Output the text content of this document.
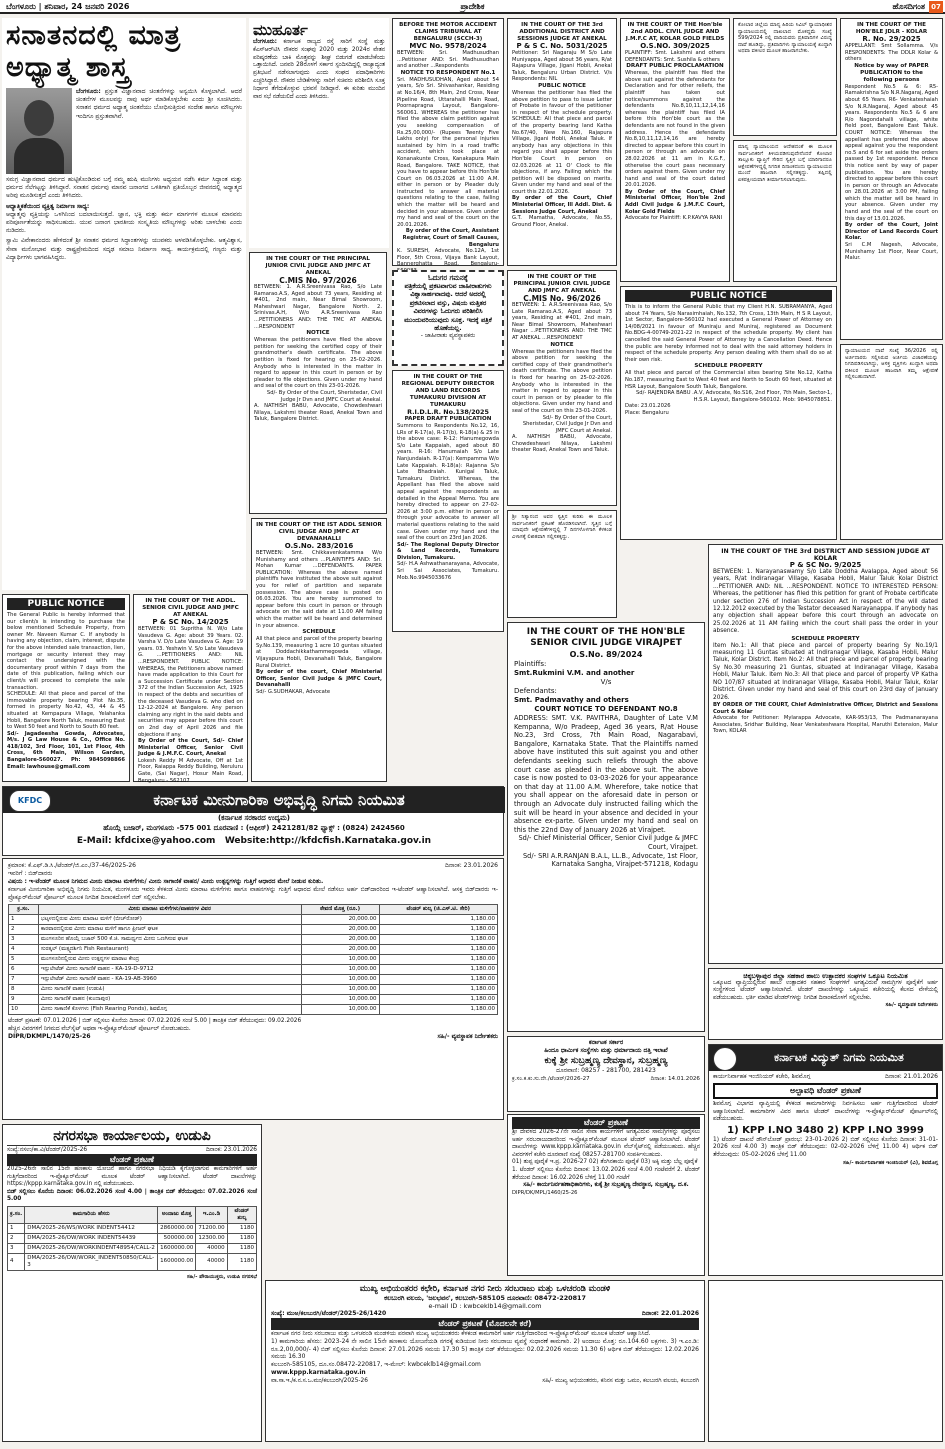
ಬೆಂಗಳೂರು | ಶನಿವಾರ, 24 ಜನವರಿ 2026	ಪ್ರಾದೇಶಿಕ	ಹೊಸದಿಗಂತ 07
ಸನಾತನದಲ್ಲಿ ಮಾತ್ರ
ಅಧ್ಯಾತ್ಮ ಶಾಸ್ತ್ರ
ಬೆಂಗಳೂರು: ಪ್ರಸ್ತುತ ವಿಜ್ಞಾನವಾದ ಚಿಂತನೆಗಳನ್ನು ಅನ್ವಯಿಸಿ ಕೊಳ್ಳಲಾಗಿದೆ. ಆದರೆ ಚಿಂತನೆಗಳ ಮೂಲವನ್ನು ನಾವು ಅರ್ಥ ಮಾಡಿಕೊಳ್ಳಬೇಕು ಎಂದು ಶ್ರೀ ಸೂಚಿಸಿದರು. ಸನಾತನ ಧರ್ಮದ ಅಧ್ಯಾತ್ಮ ಚಿಂತನೆಯು ಬೋಧಿಸುತ್ತಿರುವ ಸಂದೇಶ ಹಾಗೂ ಮೌಲ್ಯಗಳು ಇಂದಿಗೂ ಪ್ರಸ್ತುತವಾಗಿವೆ.
ಸಮಗ್ರ ವಿಜ್ಞಾನವಾದ ಧರ್ಮದ ಹುಟ್ಟಿಕೊಂಡಿರುವ ಬಗ್ಗೆ ನಮ್ಮ ಋಷಿ ಮುನಿಗಳು ಅಧ್ಯಯನ ನಡೆಸಿ ಕರ್ಮ ಸಿದ್ಧಾಂತ ಮತ್ತು ಧರ್ಮದ ನೆಲೆಗಟ್ಟನ್ನು ತಿಳಿಸಿದ್ದಾರೆ. ಸನಾತನ ಧರ್ಮವು ಮಾನವ ಜನಾಂಗದ ಒಳಿತಿಗಾಗಿ ಪ್ರತಿಯೊಬ್ಬರ ಜೀವನದಲ್ಲಿ ಅಧ್ಯಾತ್ಮದ ಅರಿವು ಮೂಡಿಸುತ್ತದೆ ಎಂದು ತಿಳಿಸಿದರು.
ಆಧ್ಯಾತ್ಮಿಕತೆಯಿಂದ ವ್ಯಕ್ತಿತ್ವ ನಿರ್ಮಾಣ ಸಾಧ್ಯ:
ಆಧ್ಯಾತ್ಮವು ವ್ಯಕ್ತಿಯನ್ನು ಒಳಗಿನಿಂದ ಬದಲಾಯಿಸುತ್ತದೆ. ಜ್ಞಾನ, ಭಕ್ತಿ ಮತ್ತು ಕರ್ಮ ಮಾರ್ಗಗಳ ಮೂಲಕ ಮಾನವನು ಪರಿಪೂರ್ಣತೆಯನ್ನು ಸಾಧಿಸಬಹುದು. ಯುವ ಜನಾಂಗ ಭಾರತೀಯ ಸಂಸ್ಕೃತಿಯ ಮೌಲ್ಯಗಳನ್ನು ಅರಿತು ಬಾಳಬೇಕು ಎಂದು ನುಡಿದರು.
ಸ್ವಾಮಿ ವಿವೇಕಾನಂದರು ಹೇಳಿದಂತೆ ಶ್ರೀ ಸನಾತನ ಧರ್ಮದ ಸಿದ್ಧಾಂತಗಳನ್ನು ಯುವಕರು ಅಳವಡಿಸಿಕೊಳ್ಳಬೇಕು. ಆತ್ಮವಿಶ್ವಾಸ, ಸೇವಾ ಮನೋಭಾವ ಮತ್ತು ರಾಷ್ಟ್ರಪ್ರೇಮದಿಂದ ಸದೃಢ ಸಮಾಜ ನಿರ್ಮಾಣ ಸಾಧ್ಯ. ಕಾರ್ಯಕ್ರಮದಲ್ಲಿ ಗಣ್ಯರು ಮತ್ತು ವಿದ್ಯಾರ್ಥಿಗಳು ಭಾಗವಹಿಸಿದ್ದರು.
ಮುಹೂರ್ತ
ಬೆಂಗಳೂರು: ಕರ್ನಾಟಕ ರಾಜ್ಯದ ರಸ್ತೆ ಸಾರಿಗೆ ಸಂಸ್ಥೆ ಮತ್ತು ಕೆಎಸ್‌ಆರ್‌ಟಿಸಿ ನೌಕರರ ಸಂಘವು 2020 ಮತ್ತು 2024ರ ವೇತನ ಪರಿಷ್ಕರಣೆಯ ಬಾಕಿ ಮೊತ್ತವನ್ನು ಶೀಘ್ರ ಬಿಡುಗಡೆ ಮಾಡಬೇಕೆಂದು ಒತ್ತಾಯಿಸಿದೆ. ಜನವರಿ 28ರೊಳಗೆ ಸರ್ಕಾರ ಸ್ಪಂದಿಸದಿದ್ದಲ್ಲಿ ರಾಜ್ಯಾದ್ಯಂತ ಪ್ರತಿಭಟನೆ ನಡೆಸಲಾಗುವುದು ಎಂದು ಸಂಘದ ಪದಾಧಿಕಾರಿಗಳು ಎಚ್ಚರಿಸಿದ್ದಾರೆ. ನೌಕರರ ಬೇಡಿಕೆಗಳನ್ನು ಸಾರಿಗೆ ಸಚಿವರು ಪರಿಶೀಲಿಸಿ ಸೂಕ್ತ ನಿರ್ಧಾರ ತೆಗೆದುಕೊಳ್ಳುವ ಭರವಸೆ ನೀಡಿದ್ದಾರೆ. ಈ ಕುರಿತು ಮುಂದಿನ ವಾರ ಸಭೆ ನಡೆಯಲಿದೆ ಎಂದು ತಿಳಿಸಿದರು.
BEFORE THE MOTOR ACCIDENT CLAIMS TRIBUNAL AT BENGALURU (SCCH-3)
MVC No. 9578/2024
BETWEEN: Sri. Madhusudhan ...Petitioner AND: Sri. Madhusudhan and another ...Respondents
NOTICE TO RESPONDENT No.1
Sri. MADHUSUDHAN, Aged about 54 years, S/o Sri. Shivashankar, Residing at No.16/4, 8th Main, 2nd Cross, Near Pipeline Road, Uttarahalli Main Road, Poornapragna Layout, Bangalore-560061. WHEREAS the petitioner has filed the above claim petition against you seeking compensation of Rs.25,00,000/- (Rupees Twenty Five Lakhs only) for the personal injuries sustained by him in a road traffic accident, which took place at Konanakunte Cross, Kanakapura Main Road, Bangalore. TAKE NOTICE, that you have to appear before this Hon'ble Court on 06.03.2026 at 11:00 A.M. either in person or by Pleader duly instructed to answer all material questions relating to the case, failing which the matter will be heard and decided in your absence. Given under my hand and seal of the court on the 20.01.2026.
By order of the Court, Assistant Registrar, Court of Small Causes, Bengaluru
K. SURESH, Advocate, No.12A, 1st Floor, 5th Cross, Vijaya Bank Layout, Bannerghatta Road, Bengaluru-
IN THE COURT OF THE 3rd ADDITIONAL DISTRICT AND SESSIONS JUDGE AT ANEKAL
P & S C. No. 5031/2025
Petitioner: Sri Nagaraju M S/o Late Muniyappa, Aged about 36 years, R/at Rajapura Village, Jigani Hobli, Anekal Taluk, Bengaluru Urban District. V/s Respondents: NIL
PUBLIC NOTICE
Whereas the petitioner has filed the above petition to pass to issue Letter of Probate in favour of the petitioner in respect of the schedule property. SCHEDULE: All that piece and parcel of the property bearing land Katha No.67/40, New No.160, Rajapura Village, Jigani Hobli, Anekal Taluk. If anybody has any objections in this regard you shall appear before this Hon'ble Court in person on 02.03.2026 at 11 O' Clock to file objections, if any. Failing which the petition will be disposed on merits. Given under my hand and seal of the court this 22.01.2026.
By order of the Court, Chief Ministerial Officer, Ill Addl. Dist. & Sessions Judge Court, Anekal
G.T. Mamatha, Advocate, No.55, Ground Floor, Anekal.
IN THE COURT OF THE Hon'ble 2nd ADDL. CIVIL JUDGE AND J.M.F.C AT, KOLAR GOLD FIELDS
O.S.NO. 309/2025
PLAINTIFF: Smt. Lakshmi and others DEFENDANTS: Smt. Sushila & others
DRAFT PUBLIC PROCLAMATION
Whereas, the plaintiff has filed the above suit against the defendants for Declaration and for other reliefs, the plaintiff has taken out notice/summons against the defendants No.8,10,11,12,14,16 whereas the plaintiff has filed IA before this Hon'ble court as the defendants are not found in the given address. Hence the defendants No.8,10,11,12,14,16 are hereby directed to appear before this court in person or through an advocate on 28.02.2026 at 11 am in K.G.F., otherwise the court pass necessary orders against them. Given under my hand and seal of the court dated 20.01.2026.
By Order of the Court, Chief Ministerial Officer, Hon'ble 2nd Addl Civil Judge & J.M.F.C Court, Kolar Gold Fields
Advocate for Plaintiff: K.P.KAVYA RANI
ಕೋಲಾರ ಜಿಲ್ಲೆಯ ಮಾನ್ಯ ಹಿರಿಯ ಸಿವಿಲ್ ನ್ಯಾಯಾಧೀಶರ ನ್ಯಾಯಾಲಯದಲ್ಲಿ ದಾಖಲಾದ ಮೊಕದ್ದಮೆ ಸಂಖ್ಯೆ 599/2024 ರಲ್ಲಿ ವಾದಿಯವರು ಪ್ರತಿವಾದಿಗಳ ವಿರುದ್ಧ ದಾವೆ ಹೂಡಿದ್ದು, ಪ್ರತಿವಾದಿಗಳು ನ್ಯಾಯಾಲಯಕ್ಕೆ ಖುದ್ದಾಗಿ ಅಥವಾ ವಕೀಲರ ಮೂಲಕ ಹಾಜರಾಗಬೇಕು.
IN THE COURT OF THE HON'BLE JDLR - KOLAR
R. No. 29/2025
APPELLANT: Smt Sollamma. V/s RESPONDENTS: The DDLR Kolar & others
Notice by way of PAPER PUBLICATION to the following persons
Respondent No.5 & 6: R5- Ramakrishna S/o N.R.Nagaraj, Aged about 65 Years. R6- Venkateshaiah S/o N.R.Nagaraj, Aged about 45 years. Respondents No.5 & 6 are R/o Nagondahalli village, white field post, Bangalore East Taluk. COURT NOTICE: Whereas the appellant has preferred the above appeal against you the respondent no.5 and 6 for set aside the orders passed by 1st respondent. Hence this notice sent by way of paper publication. You are hereby directed to appear before this court in person or through an Advocate on 28.01.2026 at 3.00 PM, failing which the matter will be heard in your absence. Given under my hand and the seal of the court on this day of 13.01.2026.
By order of the Court, Joint Director of Land Records Court Kolar.
Sri C.M Nagesh, Advocate, Munishamy 1st Floor, Near Court, Malur.
ಮಾನ್ಯ ನ್ಯಾಯಾಲಯದ ಆದೇಶದಂತೆ ಈ ಮೂಲಕ ಸಾರ್ವಜನಿಕರಿಗೆ ತಿಳಿಯಪಡಿಸುವುದೇನೆಂದರೆ ಕೋಲಾರ ತಾಲ್ಲೂಕು ವ್ಯಾಪ್ತಿಗೆ ಸೇರಿದ ಸ್ವತ್ತಿನ ಬಗ್ಗೆ ಯಾರಿಗಾದರೂ ಆಕ್ಷೇಪಣೆಗಳಿದ್ದಲ್ಲಿ ನಿಗದಿತ ದಿನಾಂಕದಂದು ನ್ಯಾಯಾಲಯದ ಮುಂದೆ ಹಾಜರಾಗಿ ಸಲ್ಲಿಸತಕ್ಕದ್ದು. ತಪ್ಪಿದಲ್ಲಿ ಏಕಪಕ್ಷೀಯವಾಗಿ ತೀರ್ಮಾನಿಸಲಾಗುವುದು.
IN THE COURT OF THE PRINCIPAL JUNIOR CIVIL JUDGE AND JMFC AT ANEKAL
C.MIS No. 97/2026
BETWEEN: 1. A.R.Sreenivasa Rao, S/o Late Ramarao.A.S, Aged about 73 years, Residing at #401, 2nd main, Near Bimal Showroom, Maheshwari Nagar, Bangalore North. 2. Srinivas.A.H, W/o A.R.Sreenivasa Rao ...PETITIONERS AND: THE TMC AT ANEKAL ...RESPONDENT
NOTICE
Whereas the petitioners have filed the above petition for seeking the certified copy of their grandmother's death certificate. The above petition is fixed for hearing on 25-02-2026. Anybody who is interested in the matter in regard to appear in this court in person or by pleader to file objections. Given under my hand and seal of the court on this 23-01-2026.
Sd/- By Order of the Court, Sheristedar, Civil Judge Jr Dvn and JMFC Court at Anekal.
A. NATHISH BABU, Advocate, Chowdeshwari Nilaya, Lakshmi theater Road, Anekal Town and Taluk, Bangalore District.
ಓದುಗರ ಗಮನಕ್ಕೆ
ಪತ್ರಿಕೆಯಲ್ಲಿ ಪ್ರಕಟವಾಗುವ ಜಾಹೀರಾತುಗಳು ವಿಶ್ವಾಸಾರ್ಹವಾದವು. ಆದರೆ ಅದರಲ್ಲಿ ಪ್ರಕಟಿಸಲಾದ ವಸ್ತು, ವಿಷಯ ಮತ್ತಿತರ ವಿವರಗಳನ್ನು ಓದುಗರು ಪರಿಶೀಲಿಸಿ ಮುಂದುವರಿಯುವುದು ಸೂಕ್ತ. ಇದಕ್ಕೆ ಪತ್ರಿಕೆ ಹೊಣೆಯಲ್ಲ.
- ಜಾಹೀರಾತು ವ್ಯವಸ್ಥಾಪಕರು
IN THE COURT OF THE PRINCIPAL JUNIOR CIVIL JUDGE AND JMFC AT ANEKAL
C.MIS No. 96/2026
BETWEEN: 1. A.R.Sreenivasa Rao, S/o Late Ramarao.A.S, Aged about 73 years, Residing at #401, 2nd main, Near Bimal Showroom, Maheshwari Nagar ...PETITIONERS AND: THE TMC AT ANEKAL ...RESPONDENT
NOTICE
Whereas the petitioners have filed the above petition for seeking the certified copy of their grandmother's death certificate. The above petition is fixed for hearing on 25-02-2026. Anybody who is interested in the matter in regard to appear in this court in person or by pleader to file objections. Given under my hand and seal of the court on this 23-01-2026.
Sd/- By Order of the Court, Sheristedar, Civil Judge Jr Dvn and JMFC Court at Anekal.
A. NATHISH BABU, Advocate, Chowdeshwari Nilaya, Lakshmi theater Road, Anekal Town and Taluk.
PUBLIC NOTICE
This is to inform the General Public that my Client H.N. SUBRAMANYA, Aged about 74 Years, S/o Narasimhaiah, No.132, 7th Cross, 13th Main, H S R Layout, 1st Sector, Bangalore-560102 had executed a General Power of Attorney on 14/08/2021 in favour of Muniraju and Muniraj, registered as Document No.BDG-4-00749-2021-22 in respect of the schedule property. My client has cancelled the said General Power of Attorney by a Cancellation Deed. Hence the public are hereby informed not to deal with the said attorney holders in respect of the schedule property. Any person dealing with them shall do so at their own risk.
SCHEDULE PROPERTY
All that piece and parcel of the Commercial sites bearing Site No.12, Katha No.187, measuring East to West 40 feet and North to South 60 feet, situated at HSR Layout, Bangalore South Taluk, Bangalore.
Sd/- RAJENDRA BABU .A.V, Advocate, No.S16, 2nd Floor, 7th Main, Sector-1, H.S.R. Layout, Bangalore-560102. Mob: 9845078851.
Date: 23.01.2026
Place: Bengaluru
IN THE COURT OF THE REGIONAL DEPUTY DIRECTOR AND LAND RECORDS TUMAKURU DIVISION AT TUMAKURU
R.I.D.L.R. No.138/2025
PAPER DRAFT PUBLICATION
Summons to Respondents No.12, 16, LRs of R-17(a), R-17(b), R-18(a) & 25 in the above case: R-12: Hanumegowda S/o Late Kappaiah, aged about 80 years. R-16: Hanumaiah S/o Late Nanjundaiah. R-17(a): Kempamma W/o Late Kappaiah. R-18(a): Rajanna S/o Late Bhadraiah. Kunigal Taluk, Tumakuru District. Whereas, the Appellant has filed the above said appeal against the respondents as detailed in the Appeal Memo. You are hereby directed to appear on 27-02-2026 at 3:00 p.m. either in person or through your advocate to answer all material questions relating to the said case. Given under my hand and the seal of the court on 23rd Jan 2026.
Sd/- The Regional Deputy Director & Land Records, Tumakuru Division, Tumakuru.
Sd/- H.A Ashwathanarayana, Advocate, Sri Sai Associates, Tumakuru. Mob.No.9945033676
ಶ್ರೀ ನಿತ್ಯಾನಂದ ಅವರ ಸ್ವತ್ತಿನ ಕುರಿತು ಈ ಮೂಲಕ ಸಾರ್ವಜನಿಕರಿಗೆ ಪ್ರಕಟಣೆ ಹೊರಡಿಸಲಾಗಿದೆ. ಸ್ವತ್ತಿನ ಬಗ್ಗೆ ಯಾವುದೇ ಆಕ್ಷೇಪಣೆಗಳಿದ್ದಲ್ಲಿ 7 ದಿನಗಳೊಳಗಾಗಿ ಕೆಳಕಂಡ ವಿಳಾಸಕ್ಕೆ ಲಿಖಿತವಾಗಿ ಸಲ್ಲಿಸತಕ್ಕದ್ದು.
ನ್ಯಾಯಾಲಯದ ದಾವೆ ಸಂಖ್ಯೆ 36/2026 ರಲ್ಲಿ ಅರ್ಜಿದಾರರು ಸಲ್ಲಿಸಿರುವ ಅರ್ಜಿಯ ವಿಚಾರಣೆಯನ್ನು ನಿಗದಿಪಡಿಸಲಾಗಿದ್ದು, ಆಸಕ್ತ ವ್ಯಕ್ತಿಗಳು ಖುದ್ದಾಗಿ ಅಥವಾ ವಕೀಲರ ಮೂಲಕ ಹಾಜರಾಗಿ ತಮ್ಮ ಆಕ್ಷೇಪಣೆ ಸಲ್ಲಿಸಬಹುದಾಗಿದೆ.
PUBLIC NOTICE
The General Public is hereby informed that our client/s is intending to purchase the below mentioned Schedule Property, from owner Mr. Naveen Kumar C. If anybody is having any objection, claim, interest, dispute for the above intended sale transaction, lien, mortgage or security interest they may contact the undersigned with the documentary proof within 7 days from the date of this publication, failing which our client/s will proceed to complete the sale transaction.
SCHEDULE: All that piece and parcel of the immovable property bearing Plot No.35, formed in property No.42, 43, 44 & 45 situated at Kempapura Village, Yelahanka Hobli, Bangalore North Taluk, measuring East to West 50 feet and North to South 80 feet.
Sd/- Jagadeesha Gowda, Advocates, M/s. J G Law House & Co., Office No. 418/102, 3rd Floor, 101, 1st Floor, 4th Cross, 6th Main, Wilson Garden, Bangalore-560027. Ph: 9845098866 Email: lawhouse@gmail.com
IN THE COURT OF THE ADDL. SENIOR CIVIL JUDGE AND JMFC AT ANEKAL
P & SC No. 14/2025
BETWEEN: 01 Supritha N. W/o Late Vasudeva G. Age: about 39 Years. 02. Varsha V. D/o Late Vasudeva G. Age: 19 years. 03. Yeshwin V. S/o Late Vasudeva G. ...PETITIONERS AND: NIL ...RESPONDENT. PUBLIC NOTICE: WHEREAS, the Petitioners above named have made application to this Court for a Succession Certificate under Section 372 of the Indian Succession Act, 1925 in respect of the debts and securities of the deceased Vasudeva G. who died on 12-12-2024 at Bangalore. Any person claiming any right in the said debts and securities may appear before this court on 2nd day of April 2026 and file objections if any.
By Order of the Court, Sd/- Chief Ministerial Officer, Senior Civil Judge & J.M.F.C. Court, Anekal
Lokesh Reddy M Advocate, Off at 1st Floor, Raiappa Reddy Building, Neruluru Gate, (Sai Nagar), Hosur Main Road, Bengaluru - 562107
IN THE COURT OF THE IST ADDL SENIOR CIVIL JUDGE AND JMFC AT DEVANAHALLI
O.S.No. 283/2016
BETWEEN: Smt. Chikkavenkatamma W/o Munishamy and others ...PLAINTIFFS AND: Sri. Mohan Kumar ...DEFENDANTS. PAPER PUBLICATION: Whereas the above named plaintiffs have instituted the above suit against you for relief of partition and separate possession. The above case is posted on 06.03.2026. You are hereby summoned to appear before this court in person or through advocate on the said date at 11.00 AM failing which the matter will be heard and determined in your absence.
SCHEDULE
All that piece and parcel of the property bearing Sy.No.139, measuring 1 acre 10 guntas situated at Doddachikkathammegowda village, Vijayapura Hobli, Devanahalli Taluk, Bangalore Rural District.
By order of the court, Chief Ministerial Officer, Senior Civil Judge & JMFC Court, Devanahalli
Sd/- G.SUDHAKAR, Advocate
IN THE COURT OF THE HON'BLE SENIOR CIVIL JUDGE VIRAJPET
O.S.No. 89/2024
Plaintiffs:
Smt.Rukmini V.M. and another
V/s
Defendants:
Smt. Padmavathy and others
COURT NOTICE TO DEFENDANT NO.8
ADDRESS: SMT. V.K. PAVITHRA, Daughter of Late V.M Kempanna, W/o Pradeep, Aged 36 years, R/at House No.23, 3rd Cross, 7th Main Road, Nagarabavi, Bangalore, Karnataka State. That the Plaintiffs named above have instituted this suit against you and other defendants seeking such reliefs through the above court case as pleaded in the above suit. The above case is now posted to 03-03-2026 for your appearance on that day at 11.00 A.M. Wherefore, take notice that you shall appear on the aforesaid date in person or through an Advocate duly instructed failing which the suit will be heard in your absence and decided in your absence ex-parte. Given under my hand and seal on this the 22nd Day of January 2026 at Virajpet.
Sd/- Chief Ministerial Officer, Senior Civil Judge & JMFC Court, Virajpet.
Sd/- SRI A.R.RANJAN B.A.L, LL.B., Advocate, 1st Floor, Karnataka Sangha, Virajpet-571218, Kodagu
IN THE COURT OF THE 3rd DISTRICT AND SESSION JUDGE AT KOLAR
P & SC No. 9/2025
BETWEEN: 1. Narayanaswamy S/o Late Doddha Avalappa, Aged about 56 years, R/at Indiranagar Village, Kasaba Hobli, Malur Taluk Kolar District ...PETITIONER AND: NIL ...RESPONDENT. NOTICE TO INTERESTED PERSON: Whereas, the petitioner has filed this petition for grant of Probate certificate under section 276 of Indian Succession Act in respect of the will dated 12.12.2012 executed by the Testator deceased Narayanappa. If anybody has any objection shall appear before this court through an advocate on 25.02.2026 at 11 AM failing which the court shall pass the order in your absence.
SCHEDULE PROPERTY
Item No.1: All that piece and parcel of property bearing Sy No.19/1 measuring 11 Guntas situated at Indiranagar Village, Kasaba Hobli, Malur Taluk, Kolar District. Item No.2: All that piece and parcel of property bearing Sy No.30 measuring 21 Guntas, situated at Indiranagar Village, Kasaba Hobli, Malur Taluk. Item No.3: All that piece and parcel of property VP Katha NO 107/87 situated at Indiranagar Village, Kasaba Hobli, Malur Taluk, Kolar District. Given under my hand and seal of this court on 23rd day of January 2026.
BY ORDER OF THE COURT, Chief Administrative Officer, District and Sessions Court & Kolar
Advocate for Petitioner: Mylarappa Advocate, KAR-953/13, The Padmanarayana Associates, Sridhar Building, Near Venkateshwara Hospital, Maruthi Extension, Malur Town, KOLAR
KFDC	ಕರ್ನಾಟಕ ಮೀನುಗಾರಿಕಾ ಅಭಿವೃದ್ಧಿ ನಿಗಮ ನಿಯಮಿತ
(ಕರ್ನಾಟಕ ಸರಕಾರದ ಉದ್ಯಮ)
ಹೊಯ್ಗೆ ಬಜಾರ್, ಮಂಗಳೂರು -575 001 ದೂರವಾಣಿ : (ಆಫೀಸ್) 2421281/82 ಫ್ಯಾಕ್ಸ್ : (0824) 2424560
E-Mail: kfdcixe@yahoo.com Website:http://kfdcfish.Karnataka.gov.in
ಕ್ರಮಾಂಕ: ಕೆ.ಎಫ್.ಡಿ.ಸಿ./ಟೆಂಡರ್/ಜಿ.ಎಂ./37-46/2025-26	ದಿನಾಂಕ: 23.01.2026
ಇವರಿಗೆ : ಬಿಡ್‌ದಾರರು
ವಿಷಯ : ಇ-ಟೆಂಡರ್ ಮೂಲಕ ನಿಗಮದ ಮೀನು ಮಾರಾಟ ಮಳಿಗೆಗಳು/ ಮೀನು ಸಾಗಾಣಿಕೆ ವಾಹನ/ ಮೀನು ಉತ್ಪನ್ನಗಳನ್ನು ಗುತ್ತಿಗೆ ಆಧಾರದ ಮೇಲೆ ನೀಡುವ ಕುರಿತು.
ಕರ್ನಾಟಕ ಮೀನುಗಾರಿಕಾ ಅಭಿವೃದ್ಧಿ ನಿಗಮ ನಿಯಮಿತ, ಮಂಗಳೂರು ಇವರು ಕೆಳಕಂಡ ಮೀನು ಮಾರಾಟ ಮಳಿಗೆಗಳು ಹಾಗೂ ವಾಹನಗಳನ್ನು ಗುತ್ತಿಗೆ ಆಧಾರದ ಮೇಲೆ ನಡೆಸಲು ಅರ್ಹ ಬಿಡ್‌ದಾರರಿಂದ ಇ-ಟೆಂಡರ್ ಆಹ್ವಾನಿಸಲಾಗಿದೆ. ಆಸಕ್ತ ಬಿಡ್‌ದಾರರು ಇ-ಪ್ರೊಕ್ಯೂರ್‌ಮೆಂಟ್ ಪೋರ್ಟಲ್ ಮೂಲಕ ನಿಗದಿತ ದಿನಾಂಕದೊಳಗೆ ಬಿಡ್ ಸಲ್ಲಿಸಬೇಕು.
ಕ್ರ.ಸಂ.	ಮೀನು ಮಾರಾಟ ಮಳಿಗೆಗಳು/ವಾಹನಗಳ ವಿವರ	ಠೇವಣಿ ಮೊತ್ತ (ರೂ.)	ಟೆಂಡರ್ ಶುಲ್ಕ (ಜಿ.ಎಸ್.ಟಿ. ಸೇರಿ)
1	ಭಟ್ಕಳದಲ್ಲಿರುವ ಮೀನು ಮಾರಾಟ ಮಳಿಗೆ (ಬೀಚ್‌ರೋಡ್)	20,000.00	1,180.00
2	ಕಾರವಾರದಲ್ಲಿರುವ ಮೀನು ಮಾರಾಟ ಮಳಿಗೆ ಹಾಗೂ ಫ್ರೀಜರ್ ಘಟಕ	20,000.00	1,180.00
3	ಮಂಗಳೂರಿನ ಹೊಯ್ಗೆ ಬಜಾರ್ 500 ಕೆ.ಜಿ. ಸಾಮರ್ಥ್ಯದ ಮೀನು ಒಣಗಿಸುವ ಘಟಕ	20,000.00	1,180.00
4	ಸುರತ್ಕಲ್ (ಮತ್ಸ್ಯದರ್ಶಿನಿ Fish Restaurant)	20,000.00	1,180.00
5	ಮಂಗಳೂರಿನಲ್ಲಿರುವ ಮೀನು ಉತ್ಪನ್ನಗಳ ಮಾರಾಟ ಕೇಂದ್ರ	10,000.00	1,180.00
6	ಇನ್ಸುಲೇಟೆಡ್ ಮೀನು ಸಾಗಾಣಿಕೆ ವಾಹನ - KA-19-D-9712	10,000.00	1,180.00
7	ಇನ್ಸುಲೇಟೆಡ್ ಮೀನು ಸಾಗಾಣಿಕೆ ವಾಹನ - KA-19-AB-3960	10,000.00	1,180.00
8	ಮೀನು ಸಾಗಾಣಿಕೆ ವಾಹನ (ಉಡುಪಿ)	10,000.00	1,180.00
9	ಮೀನು ಸಾಗಾಣಿಕೆ ವಾಹನ (ಕುಂದಾಪುರ)	10,000.00	1,180.00
10	ಮೀನು ಸಾಕಾಣಿಕೆ ಕೊಳಗಳು (Fish Rearing Ponds), ಶಿವಮೊಗ್ಗ	10,000.00	1,180.00
ಟೆಂಡರ್ ಪ್ರಕಟಣೆ: 07.01.2026 | ಬಿಡ್ ಸಲ್ಲಿಸಲು ಕೊನೆಯ ದಿನಾಂಕ: 07.02.2026 ಸಂಜೆ 5.00 | ತಾಂತ್ರಿಕ ಬಿಡ್ ತೆರೆಯುವುದು: 09.02.2026
ಹೆಚ್ಚಿನ ವಿವರಗಳಿಗೆ ನಿಗಮದ ವೆಬ್‌ಸೈಟ್ ಅಥವಾ ಇ-ಪ್ರೊಕ್ಯೂರ್‌ಮೆಂಟ್ ಪೋರ್ಟಲ್ ನೋಡಬಹುದು.
DIPR/DKMPL/1470/25-26	ಸಹಿ/- ವ್ಯವಸ್ಥಾಪಕ ನಿರ್ದೇಶಕರು
ಕರ್ನಾಟಕ ಸರ್ಕಾರ
ಹಿಂದೂ ಧಾರ್ಮಿಕ ಸಂಸ್ಥೆಗಳು ಮತ್ತು ಧರ್ಮಾದಾಯ ದತ್ತಿ ಇಲಾಖೆ
ಕುಕ್ಕೆ ಶ್ರೀ ಸುಬ್ರಹ್ಮಣ್ಯ ದೇವಸ್ಥಾನ, ಸುಬ್ರಹ್ಮಣ್ಯ
ದೂರವಾಣಿ: 08257 - 281700, 281423
ಕ್ರ.ಸಂ.ಕ.ಕು.ಸು.ದೇ./ಟೆಂಡರ್/2026-27	ದಿನಾಂಕ: 14.01.2026
ಟೆಂಡರ್ ಪ್ರಕಟಣೆ
ಶ್ರೀ ದೇವಳದ 2026-27ನೇ ಸಾಲಿನ ಸೇವಾ ಕಾರ್ಯಗಳಿಗೆ ಅಗತ್ಯವಿರುವ ಸಾಮಗ್ರಿಗಳನ್ನು ಪೂರೈಸಲು ಅರ್ಹ ಸರಬರಾಜುದಾರರಿಂದ ಇ-ಪ್ರೊಕ್ಯೂರ್‌ಮೆಂಟ್ ಮೂಲಕ ಟೆಂಡರ್ ಆಹ್ವಾನಿಸಲಾಗಿದೆ. ಟೆಂಡರ್ ದಾಖಲೆಗಳನ್ನು www.kppp.karnataka.gov.in ವೆಬ್‌ಸೈಟ್‌ನಲ್ಲಿ ಪಡೆಯಬಹುದು. ಹೆಚ್ಚಿನ ವಿವರಗಳಿಗೆ ಕಚೇರಿ ದೂರವಾಣಿ ಸಂಖ್ಯೆ 08257-281700 ಸಂಪರ್ಕಿಸಬಹುದು.
01) ತುಪ್ಪ ಪೂರೈಕೆ ಇ.ಪ್ರ. 2026-27 02) ತೆಂಗಿನಕಾಯಿ ಪೂರೈಕೆ 03) ಅಕ್ಕಿ ಮತ್ತು ಬೆಲ್ಲ ಪೂರೈಕೆ
1. ಟೆಂಡರ್ ಸಲ್ಲಿಸಲು ಕೊನೆಯ ದಿನಾಂಕ: 13.02.2026 ಸಂಜೆ 4.00 ಗಂಟೆವರೆಗೆ 2. ಟೆಂಡರ್ ತೆರೆಯುವ ದಿನಾಂಕ: 16.02.2026 ಬೆಳಿಗ್ಗೆ 11.00 ಗಂಟೆಗೆ
ಸಹಿ/- ಕಾರ್ಯನಿರ್ವಹಣಾಧಿಕಾರಿಗಳು, ಕುಕ್ಕೆ ಶ್ರೀ ಸುಬ್ರಹ್ಮಣ್ಯ ದೇವಸ್ಥಾನ, ಸುಬ್ರಹ್ಮಣ್ಯ, ದ.ಕ.
DIPR/DK/MPL/1460/25-26
ಚಿಕ್ಕಬಳ್ಳಾಪುರ ಜಿಲ್ಲಾ ಸಹಕಾರ ಹಾಲು ಉತ್ಪಾದಕರ ಸಂಘಗಳ ಒಕ್ಕೂಟ ನಿಯಮಿತ
ಒಕ್ಕೂಟದ ವ್ಯಾಪ್ತಿಯಲ್ಲಿರುವ ಹಾಲು ಉತ್ಪಾದಕರ ಸಹಕಾರ ಸಂಘಗಳಿಗೆ ಅಗತ್ಯವಿರುವ ಸಾಮಗ್ರಿಗಳ ಪೂರೈಕೆಗೆ ಅರ್ಹ ಸಂಸ್ಥೆಗಳಿಂದ ಟೆಂಡರ್ ಆಹ್ವಾನಿಸಲಾಗಿದೆ. ಟೆಂಡರ್ ದಾಖಲೆಗಳನ್ನು ಒಕ್ಕೂಟದ ಕಚೇರಿಯಲ್ಲಿ ಕೆಲಸದ ವೇಳೆಯಲ್ಲಿ ಪಡೆಯಬಹುದು. ಭರ್ತಿ ಮಾಡಿದ ಟೆಂಡರ್‌ಗಳನ್ನು ನಿಗದಿತ ದಿನಾಂಕದೊಳಗೆ ಸಲ್ಲಿಸಬೇಕು.
ಸಹಿ/- ವ್ಯವಸ್ಥಾಪಕ ನಿರ್ದೇಶಕರು
ಕರ್ನಾಟಕ ವಿದ್ಯುತ್ ನಿಗಮ ನಿಯಮಿತ
ಕಾರ್ಯನಿರ್ವಾಹಕ ಇಂಜಿನಿಯರ್ ಕಚೇರಿ, ಶಿವಮೊಗ್ಗ	ದಿನಾಂಕ: 21.01.2026
ಅಲ್ಪಾವಧಿ ಟೆಂಡರ್ ಪ್ರಕಟಣೆ
ಶಿವಮೊಗ್ಗ ವಿಭಾಗದ ವ್ಯಾಪ್ತಿಯಲ್ಲಿ ಕೆಳಕಂಡ ಕಾಮಗಾರಿಗಳನ್ನು ನಿರ್ವಹಿಸಲು ಅರ್ಹ ಗುತ್ತಿಗೆದಾರರಿಂದ ಟೆಂಡರ್ ಆಹ್ವಾನಿಸಲಾಗಿದೆ. ಕಾಮಗಾರಿಗಳ ವಿವರ ಹಾಗೂ ಟೆಂಡರ್ ದಾಖಲೆಗಳನ್ನು ಇ-ಪ್ರೊಕ್ಯೂರ್‌ಮೆಂಟ್ ಪೋರ್ಟಲ್‌ನಲ್ಲಿ ಪಡೆಯಬಹುದು.
1) KPP I.NO 3480 2) KPP I.NO 3999
1) ಟೆಂಡರ್ ದಾಖಲೆ ಡೌನ್‌ಲೋಡ್ ಪ್ರಾರಂಭ: 23-01-2026 2) ಬಿಡ್ ಸಲ್ಲಿಸಲು ಕೊನೆಯ ದಿನಾಂಕ: 31-01-2026 ಸಂಜೆ 4.00 3) ತಾಂತ್ರಿಕ ಬಿಡ್ ತೆರೆಯುವುದು: 02-02-2026 ಬೆಳಿಗ್ಗೆ 11.00 4) ಆರ್ಥಿಕ ಬಿಡ್ ತೆರೆಯುವುದು: 05-02-2026 ಬೆಳಿಗ್ಗೆ 11.00
ಸಹಿ/- ಕಾರ್ಯನಿರ್ವಾಹಕ ಇಂಜಿನಿಯರ್ (ವಿ), ಶಿವಮೊಗ್ಗ
ನಗರಸಭಾ ಕಾರ್ಯಾಲಯ, ಉಡುಪಿ
ಸಂಖ್ಯೆ:ನಸಉ/ಕಾ.ವಿ/ಟೆಂಡರ್/2025-26	ದಿನಾಂಕ: 23.01.2026
ಟೆಂಡರ್ ಪ್ರಕಟಣೆ
2025-26ನೇ ಸಾಲಿನ 15ನೇ ಹಣಕಾಸು ಯೋಜನೆ ಹಾಗೂ ನಗರಸಭಾ ನಿಧಿಯಡಿ ಕೈಗೊಳ್ಳಲಾಗುವ ಕಾಮಗಾರಿಗಳಿಗೆ ಅರ್ಹ ಗುತ್ತಿಗೆದಾರರಿಂದ ಇ-ಪ್ರೊಕ್ಯೂರ್‌ಮೆಂಟ್ ಮೂಲಕ ಟೆಂಡರ್ ಆಹ್ವಾನಿಸಲಾಗಿದೆ. ಟೆಂಡರ್ ದಾಖಲೆಗಳನ್ನು https://kppp.karnataka.gov.in ನಲ್ಲಿ ಪಡೆಯಬಹುದು.
ಬಿಡ್ ಸಲ್ಲಿಸಲು ಕೊನೆಯ ದಿನಾಂಕ: 06.02.2026 ಸಂಜೆ 4.00 | ತಾಂತ್ರಿಕ ಬಿಡ್ ತೆರೆಯುವುದು: 07.02.2026 ಸಂಜೆ 5.00
ಕ್ರ.ಸಂ.	ಕಾಮಗಾರಿಯ ಹೆಸರು	ಅಂದಾಜು ಮೊತ್ತ	ಇ.ಎಂ.ಡಿ	ಟೆಂಡರ್ ಶುಲ್ಕ
1	DMA/2025-26/WS/WORK INDENT54412	2860000.00	71200.00	1180
2	DMA/2025-26/OW/WORK INDENT54439	500000.00	12300.00	1180
3	DMA/2025-26/OW/WORKINDENT48954/CALL-2	1600000.00	40000	1180
4	DMA/2025-26/OW/WORK_INDENT50850/CALL-3	1600000.00	40000	1180
ಸಹಿ/- ಪೌರಾಯುಕ್ತರು, ಉಡುಪಿ ನಗರಸಭೆ
ಮುಖ್ಯ ಅಭಿಯಂತರರ ಕಛೇರಿ, ಕರ್ನಾಟಕ ನಗರ ನೀರು ಸರಬರಾಜು ಮತ್ತು ಒಳಚರಂಡಿ ಮಂಡಳಿ
ಕಲಬುರಗಿ ವಲಯ, 'ಜಲಭವನ', ಕಲಬುರಗಿ-585105 ದೂರವಾಣಿ: 08472-220817
e-mail ID : kwbceklb14@gmail.com
ಸಂಖ್ಯೆ: ಮುಅ/ಕಲಬುರಗಿ/ಟೆಂಡರ್/2025-26/1420	ದಿನಾಂಕ: 22.01.2026
ಟೆಂಡರ್ ಪ್ರಕಟಣೆ (ಮೊದಲನೇ ಕರೆ)
ಕರ್ನಾಟಕ ನಗರ ನೀರು ಸರಬರಾಜು ಮತ್ತು ಒಳಚರಂಡಿ ಮಂಡಳಿಯ ಪರವಾಗಿ ಮುಖ್ಯ ಅಭಿಯಂತರರು ಕೆಳಕಂಡ ಕಾಮಗಾರಿಗೆ ಅರ್ಹ ಗುತ್ತಿಗೆದಾರರಿಂದ ಇ-ಪ್ರೊಕ್ಯೂರ್‌ಮೆಂಟ್ ಮೂಲಕ ಟೆಂಡರ್ ಆಹ್ವಾನಿಸಿದೆ.
1) ಕಾಮಗಾರಿಯ ಹೆಸರು: 2023-24 ನೇ ಸಾಲಿನ 15ನೇ ಹಣಕಾಸು ಯೋಜನೆಯಡಿ ನಗರಕ್ಕೆ ಕುಡಿಯುವ ನೀರು ಸರಬರಾಜು ವ್ಯವಸ್ಥೆ ಸುಧಾರಣೆ ಕಾಮಗಾರಿ. 2) ಅಂದಾಜು ಮೊತ್ತ: ರೂ.104.60 ಲಕ್ಷಗಳು. 3) ಇ.ಎಂ.ಡಿ: ರೂ.2,00,000/- 4) ಬಿಡ್ ಸಲ್ಲಿಸಲು ಕೊನೆಯ ದಿನಾಂಕ: 27.01.2026 ಸಮಯ 17.30 5) ತಾಂತ್ರಿಕ ಬಿಡ್ ತೆರೆಯುವುದು: 02.02.2026 ಸಮಯ 11.30 6) ಆರ್ಥಿಕ ಬಿಡ್ ತೆರೆಯುವುದು: 12.02.2026 ಸಮಯ 16.30
ಕಲಬುರಗಿ-585105, ದೂ.ಸಂ.08472-220817, ಇ-ಮೇಲ್: kwbceklb14@gmail.com
www.kppp.karnataka.gov.in
ವಾ.ಸಾ.ಇ./ಕ.ನ.ಸ.ಒ.ಮಂ/ಕಲಬುರಗಿ/2025-26	ಸಹಿ/- ಮುಖ್ಯ ಅಭಿಯಂತರರು, ಕನಿನಸ ಮತ್ತು ಒಮಂ, ಕಲಬುರಗಿ ವಲಯ, ಕಲಬುರಗಿ
